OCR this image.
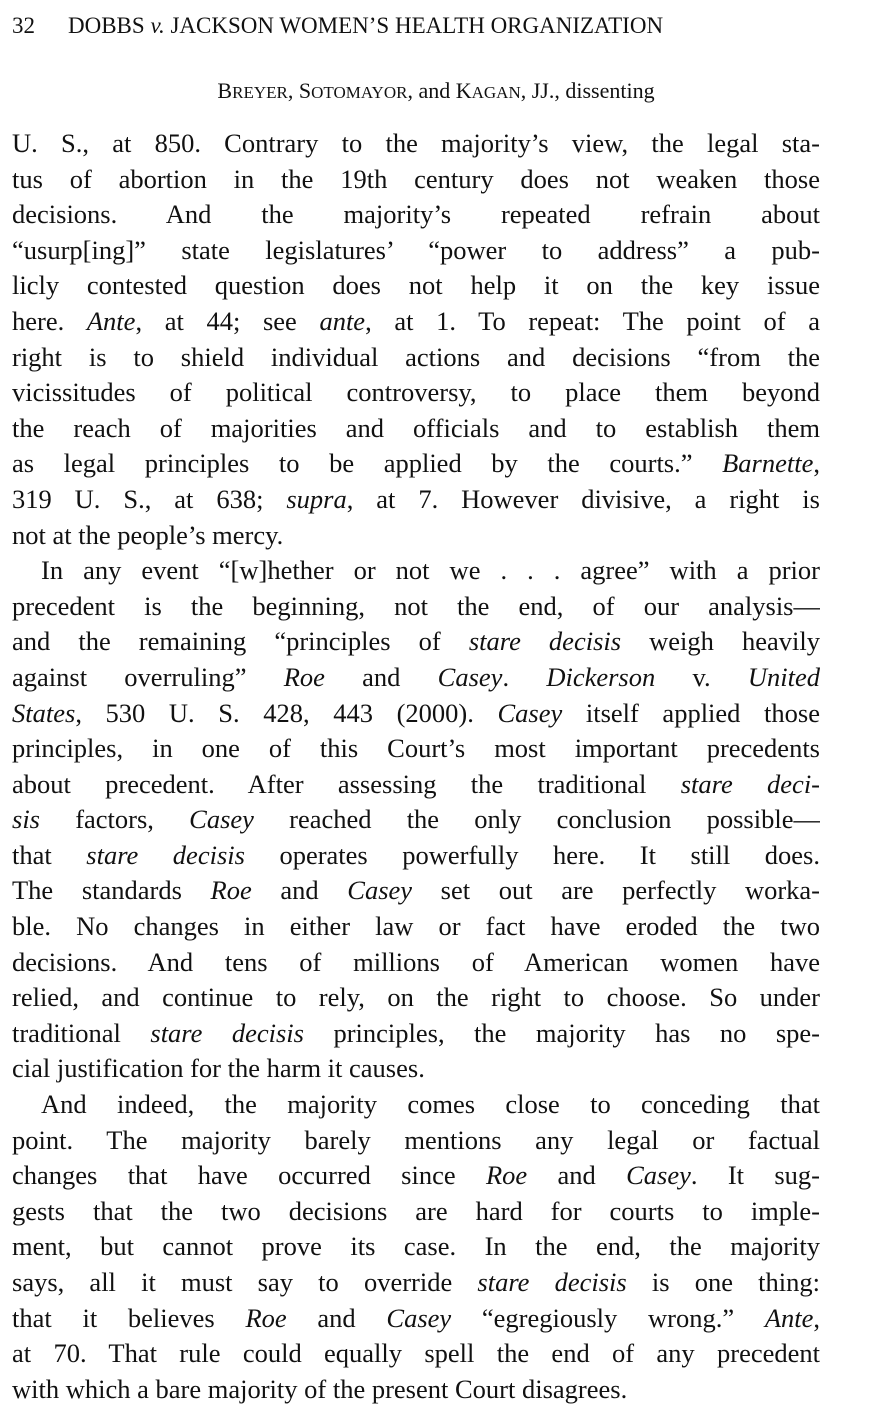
32 DOBBS v. JACKSON WOMEN’S HEALTH ORGANIZATION
BREYER, SOTOMAYOR, and KAGAN, JJ., dissenting
U. S., at 850. Contrary to the majority’s view, the legal sta-
tus of abortion in the 19th century does not weaken those
decisions. And the majority’s repeated refrain about
“usurp[ing]” state legislatures’ “power to address” a pub-
licly contested question does not help it on the key issue
here. Ante, at 44; see ante, at 1. To repeat: The point of a
right is to shield individual actions and decisions “from the
vicissitudes of political controversy, to place them beyond
the reach of majorities and officials and to establish them
as legal principles to be applied by the courts.” Barnette,
319 U. S., at 638; supra, at 7. However divisive, a right is
not at the people’s mercy.
In any event “[w]hether or not we . . . agree” with a prior
precedent is the beginning, not the end, of our analysis—
and the remaining “principles of stare decisis weigh heavily
against overruling” Roe and Casey. Dickerson v. United
States, 530 U. S. 428, 443 (2000). Casey itself applied those
principles, in one of this Court’s most important precedents
about precedent. After assessing the traditional stare deci-
sis factors, Casey reached the only conclusion possible—
that stare decisis operates powerfully here. It still does.
The standards Roe and Casey set out are perfectly worka-
ble. No changes in either law or fact have eroded the two
decisions. And tens of millions of American women have
relied, and continue to rely, on the right to choose. So under
traditional stare decisis principles, the majority has no spe-
cial justification for the harm it causes.
And indeed, the majority comes close to conceding that
point. The majority barely mentions any legal or factual
changes that have occurred since Roe and Casey. It sug-
gests that the two decisions are hard for courts to imple-
ment, but cannot prove its case. In the end, the majority
says, all it must say to override stare decisis is one thing:
that it believes Roe and Casey “egregiously wrong.” Ante,
at 70. That rule could equally spell the end of any precedent
with which a bare majority of the present Court disagrees.
